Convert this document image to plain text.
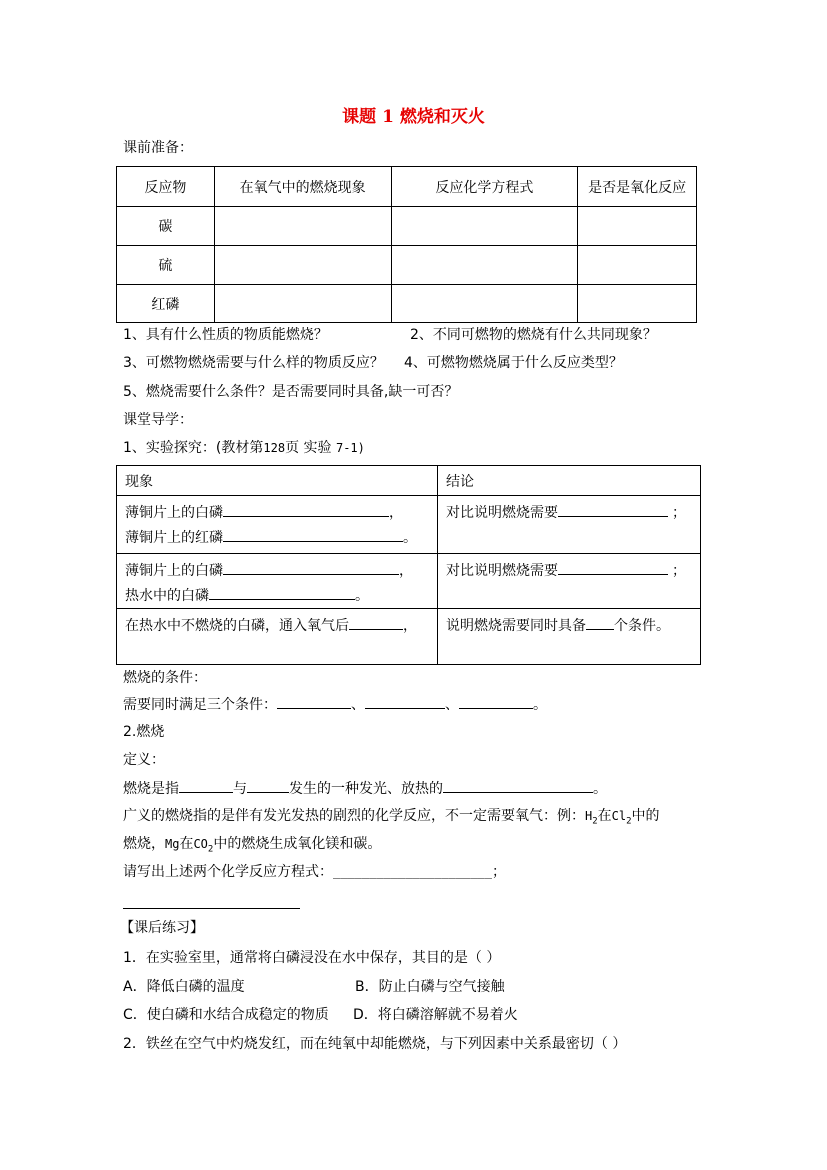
课题 1 燃烧和灭火
课前准备：
反应物	在氧气中的燃烧现象	反应化学方程式	是否是氧化反应
碳			
硫			
红磷			
1、具有什么性质的物质能燃烧？	2、不同可燃物的燃烧有什么共同现象？
3、可燃物燃烧需要与什么样的物质反应？ 4、可燃物燃烧属于什么反应类型？
5、燃烧需要什么条件？是否需要同时具备,缺一可否？
课堂导学：
1、实验探究：(教材第128页 实验 7-1)
现象	结论

薄铜片上的白磷 ，
薄铜片上的红磷 。	对比说明燃烧需要 ；

薄铜片上的白磷 ，
热水中的白磷 。	对比说明燃烧需要 ；

在热水中不燃烧的白磷，通入氧气后 ，	说明燃烧需要同时具备 个条件。
燃烧的条件：
需要同时满足三个条件：	、	、	。
2.燃烧
定义：
燃烧是指	与	发生的一种发光、放热的	。
广义的燃烧指的是伴有发光发热的剧烈的化学反应，不一定需要氧气：例：$H_2$在$Cl_2$中的
燃烧，Mg在$CO_2$中的燃烧生成氧化镁和碳。
请写出上述两个化学反应方程式：______________________；
【课后练习】
1．在实验室里，通常将白磷浸没在水中保存，其目的是（ ）
A．降低白磷的温度	B．防止白磷与空气接触
C．使白磷和水结合成稳定的物质 D．将白磷溶解就不易着火
2．铁丝在空气中灼烧发红，而在纯氧中却能燃烧，与下列因素中关系最密切（ ）
